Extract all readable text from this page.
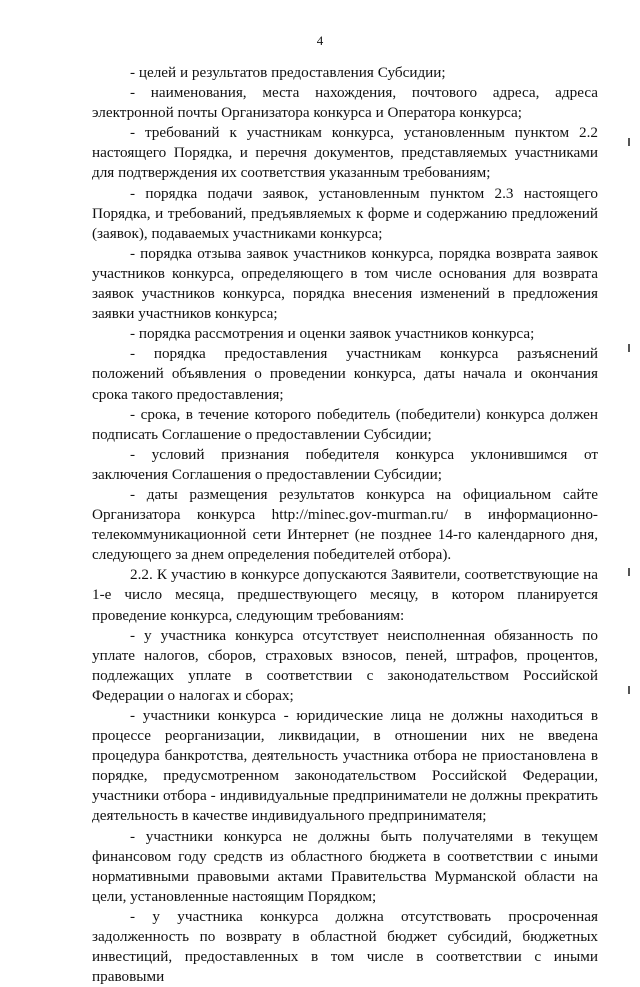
4

- целей и результатов предоставления Субсидии;

- наименования, места нахождения, почтового адреса, адреса электронной почты Организатора конкурса и Оператора конкурса;

- требований к участникам конкурса, установленным пунктом 2.2 настоящего Порядка, и перечня документов, представляемых участниками для подтверждения их соответствия указанным требованиям;

- порядка подачи заявок, установленным пунктом 2.3 настоящего Порядка, и требований, предъявляемых к форме и содержанию предложений (заявок), подаваемых участниками конкурса;

- порядка отзыва заявок участников конкурса, порядка возврата заявок участников конкурса, определяющего в том числе основания для возврата заявок участников конкурса, порядка внесения изменений в предложения заявки участников конкурса;

- порядка рассмотрения и оценки заявок участников конкурса;

- порядка предоставления участникам конкурса разъяснений положений объявления о проведении конкурса, даты начала и окончания срока такого предоставления;

- срока, в течение которого победитель (победители) конкурса должен подписать Соглашение о предоставлении Субсидии;

- условий признания победителя конкурса уклонившимся от заключения Соглашения о предоставлении Субсидии;

- даты размещения результатов конкурса на официальном сайте Организатора конкурса http://minec.gov-murman.ru/ в информационно-телекоммуникационной сети Интернет (не позднее 14-го календарного дня, следующего за днем определения победителей отбора).

2.2. К участию в конкурсе допускаются Заявители, соответствующие на 1-е число месяца, предшествующего месяцу, в котором планируется проведение конкурса, следующим требованиям:

- у участника конкурса отсутствует неисполненная обязанность по уплате налогов, сборов, страховых взносов, пеней, штрафов, процентов, подлежащих уплате в соответствии с законодательством Российской Федерации о налогах и сборах;

- участники конкурса - юридические лица не должны находиться в процессе реорганизации, ликвидации, в отношении них не введена процедура банкротства, деятельность участника отбора не приостановлена в порядке, предусмотренном законодательством Российской Федерации, участники отбора - индивидуальные предприниматели не должны прекратить деятельность в качестве индивидуального предпринимателя;

- участники конкурса не должны быть получателями в текущем финансовом году средств из областного бюджета в соответствии с иными нормативными правовыми актами Правительства Мурманской области на цели, установленные настоящим Порядком;

- у участника конкурса должна отсутствовать просроченная задолженность по возврату в областной бюджет субсидий, бюджетных инвестиций, предоставленных в том числе в соответствии с иными правовыми
